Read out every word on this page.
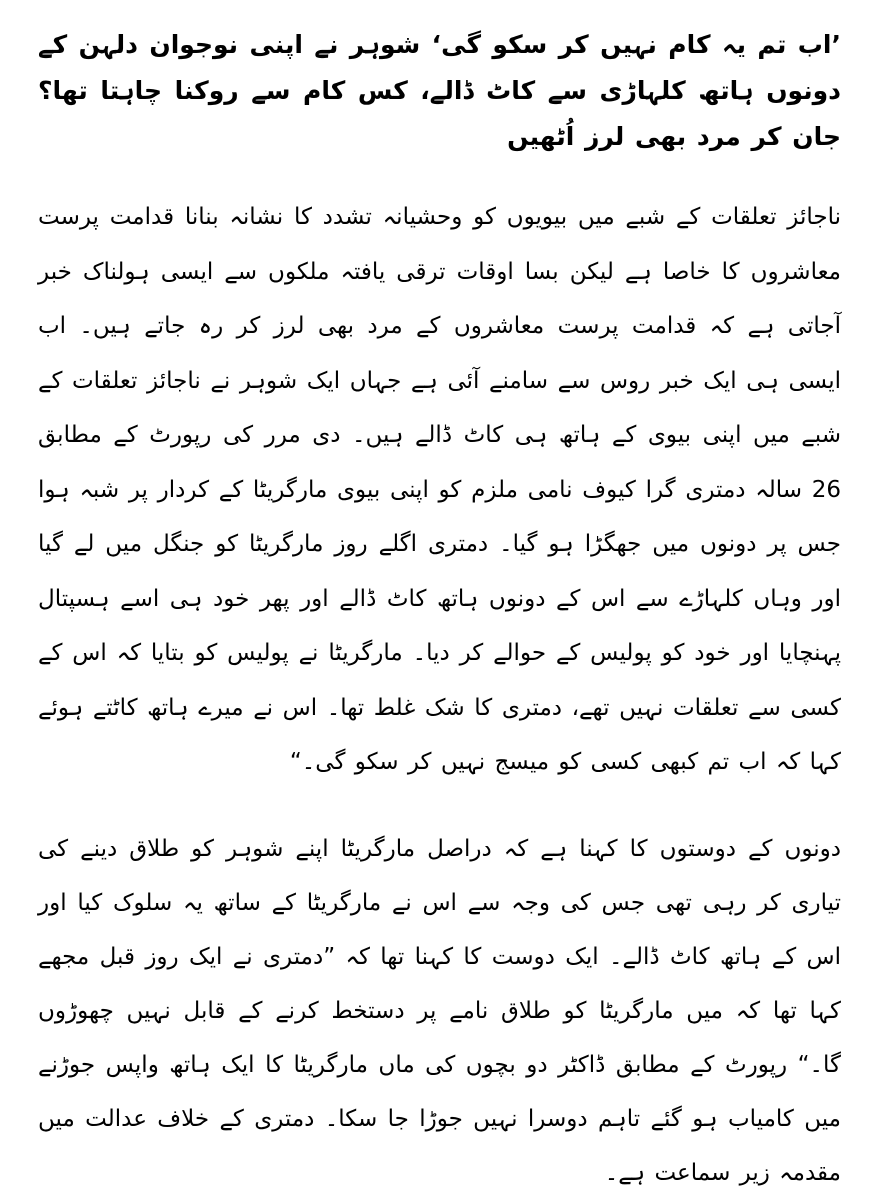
’اب تم یہ کام نہیں کر سکو گی‘ شوہر نے اپنی نوجوان دلہن کے دونوں ہاتھ کلہاڑی سے کاٹ ڈالے، کس کام سے روکنا چاہتا تھا؟ جان کر مرد بھی لرز اُٹھیں

ناجائز تعلقات کے شبے میں بیویوں کو وحشیانہ تشدد کا نشانہ بنانا قدامت پرست معاشروں کا خاصا ہے لیکن بسا اوقات ترقی یافتہ ملکوں سے ایسی ہولناک خبر آجاتی ہے کہ قدامت پرست معاشروں کے مرد بھی لرز کر رہ جاتے ہیں۔ اب ایسی ہی ایک خبر روس سے سامنے آئی ہے جہاں ایک شوہر نے ناجائز تعلقات کے شبے میں اپنی بیوی کے ہاتھ ہی کاٹ ڈالے ہیں۔ دی مرر کی رپورٹ کے مطابق 26 سالہ دمتری گرا کیوف نامی ملزم کو اپنی بیوی مارگریٹا کے کردار پر شبہ ہوا جس پر دونوں میں جھگڑا ہو گیا۔ دمتری اگلے روز مارگریٹا کو جنگل میں لے گیا اور وہاں کلہاڑے سے اس کے دونوں ہاتھ کاٹ ڈالے اور پھر خود ہی اسے ہسپتال پہنچایا اور خود کو پولیس کے حوالے کر دیا۔ مارگریٹا نے پولیس کو بتایا کہ اس کے کسی سے تعلقات نہیں تھے، دمتری کا شک غلط تھا۔ اس نے میرے ہاتھ کاٹتے ہوئے کہا کہ اب تم کبھی کسی کو میسج نہیں کر سکو گی۔“

دونوں کے دوستوں کا کہنا ہے کہ دراصل مارگریٹا اپنے شوہر کو طلاق دینے کی تیاری کر رہی تھی جس کی وجہ سے اس نے مارگریٹا کے ساتھ یہ سلوک کیا اور اس کے ہاتھ کاٹ ڈالے۔ ایک دوست کا کہنا تھا کہ ”دمتری نے ایک روز قبل مجھے کہا تھا کہ میں مارگریٹا کو طلاق نامے پر دستخط کرنے کے قابل نہیں چھوڑوں گا۔“ رپورٹ کے مطابق ڈاکٹر دو بچوں کی ماں مارگریٹا کا ایک ہاتھ واپس جوڑنے میں کامیاب ہو گئے تاہم دوسرا نہیں جوڑا جا سکا۔ دمتری کے خلاف عدالت میں مقدمہ زیر سماعت ہے۔
